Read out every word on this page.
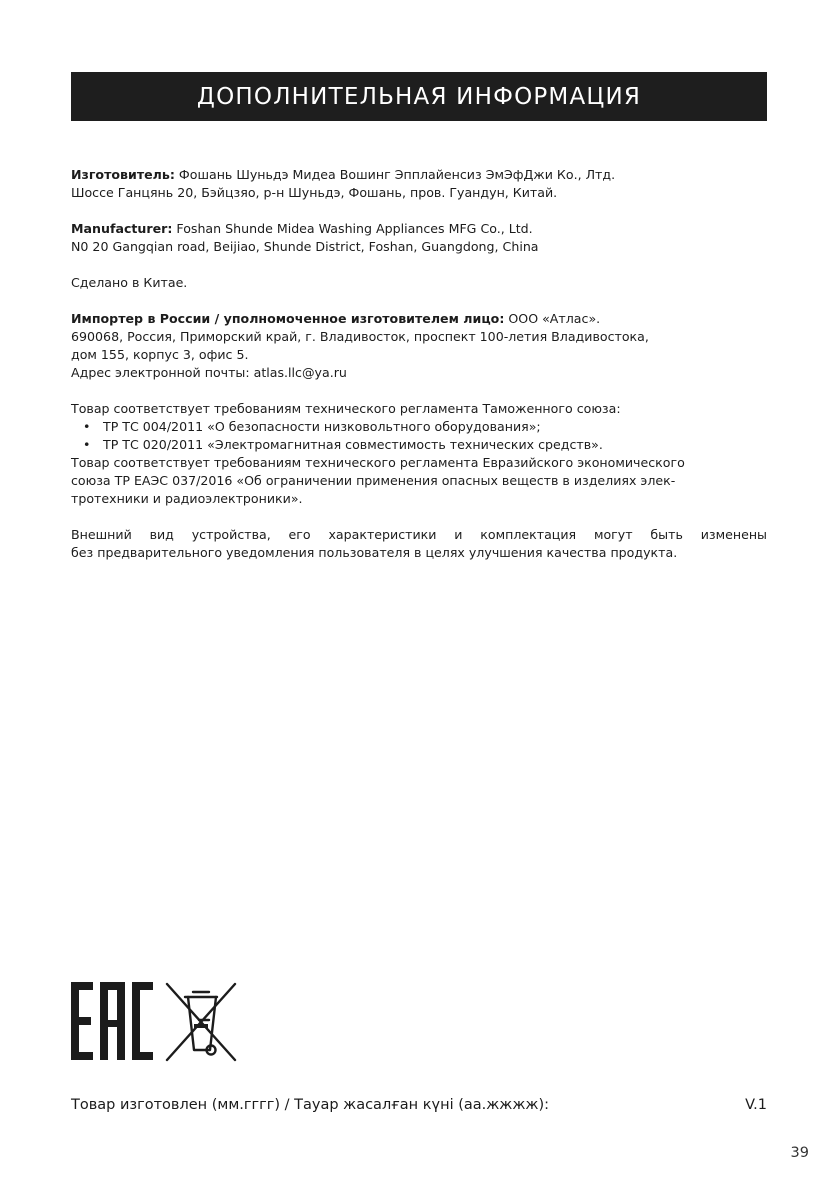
ДОПОЛНИТЕЛЬНАЯ ИНФОРМАЦИЯ

Изготовитель: Фошань Шуньдэ Мидеа Вошинг Эпплайенсиз ЭмЭфДжи Ко., Лтд.
Шоссе Ганцянь 20, Бэйцзяо, р-н Шуньдэ, Фошань, пров. Гуандун, Китай.

Manufacturer: Foshan Shunde Midea Washing Appliances MFG Co., Ltd.
N0 20 Gangqian road, Beijiao, Shunde District, Foshan, Guangdong, China

Сделано в Китае.

Импортер в России / уполномоченное изготовителем лицо: ООО «Атлас».
690068, Россия, Приморский край, г. Владивосток, проспект 100-летия Владивостока,
дом 155, корпус 3, офис 5.
Адрес электронной почты: atlas.llc@ya.ru

Товар соответствует требованиям технического регламента Таможенного союза:
• ТР ТС 004/2011 «О безопасности низковольтного оборудования»;
• ТР ТС 020/2011 «Электромагнитная совместимость технических средств».
Товар соответствует требованиям технического регламента Евразийского экономического
союза ТР ЕАЭС 037/2016 «Об ограничении применения опасных веществ в изделиях элек-
тротехники и радиоэлектроники».

Внешний вид устройства, его характеристики и комплектация могут быть изменены
без предварительного уведомления пользователя в целях улучшения качества продукта.

Товар изготовлен (мм.гггг) / Тауар жасалған күні (аа.жжжж):	V.1
39
